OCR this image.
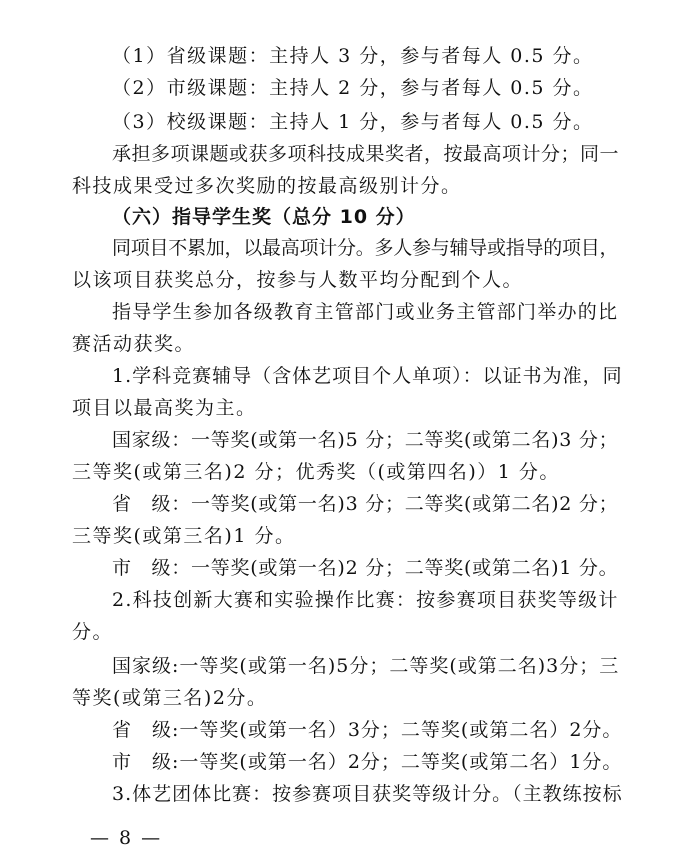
（1）省级课题：主持人 3 分，参与者每人 0.5 分。
（2）市级课题：主持人 2 分，参与者每人 0.5 分。
（3）校级课题：主持人 1 分，参与者每人 0.5 分。
承担多项课题或获多项科技成果奖者，按最高项计分；同一
科技成果受过多次奖励的按最高级别计分。
（六）指导学生奖（总分 10 分）
同项目不累加，以最高项计分。多人参与辅导或指导的项目，
以该项目获奖总分，按参与人数平均分配到个人。
指导学生参加各级教育主管部门或业务主管部门举办的比
赛活动获奖。
1.学科竞赛辅导（含体艺项目个人单项）：以证书为准，同
项目以最高奖为主。
国家级：一等奖(或第一名)5 分；二等奖(或第二名)3 分；
三等奖(或第三名)2 分；优秀奖（(或第四名)）1 分。
省　级：一等奖(或第一名)3 分；二等奖(或第二名)2 分；
三等奖(或第三名)1 分。
市　级：一等奖(或第一名)2 分；二等奖(或第二名)1 分。
2.科技创新大赛和实验操作比赛：按参赛项目获奖等级计
分。
国家级:一等奖(或第一名)5分；二等奖(或第二名)3分；三
等奖(或第三名)2分。
省　级:一等奖(或第一名）3分；二等奖(或第二名）2分。
市　级:一等奖(或第一名）2分；二等奖(或第二名）1分。
3.体艺团体比赛：按参赛项目获奖等级计分。（主教练按标
— 8 —
